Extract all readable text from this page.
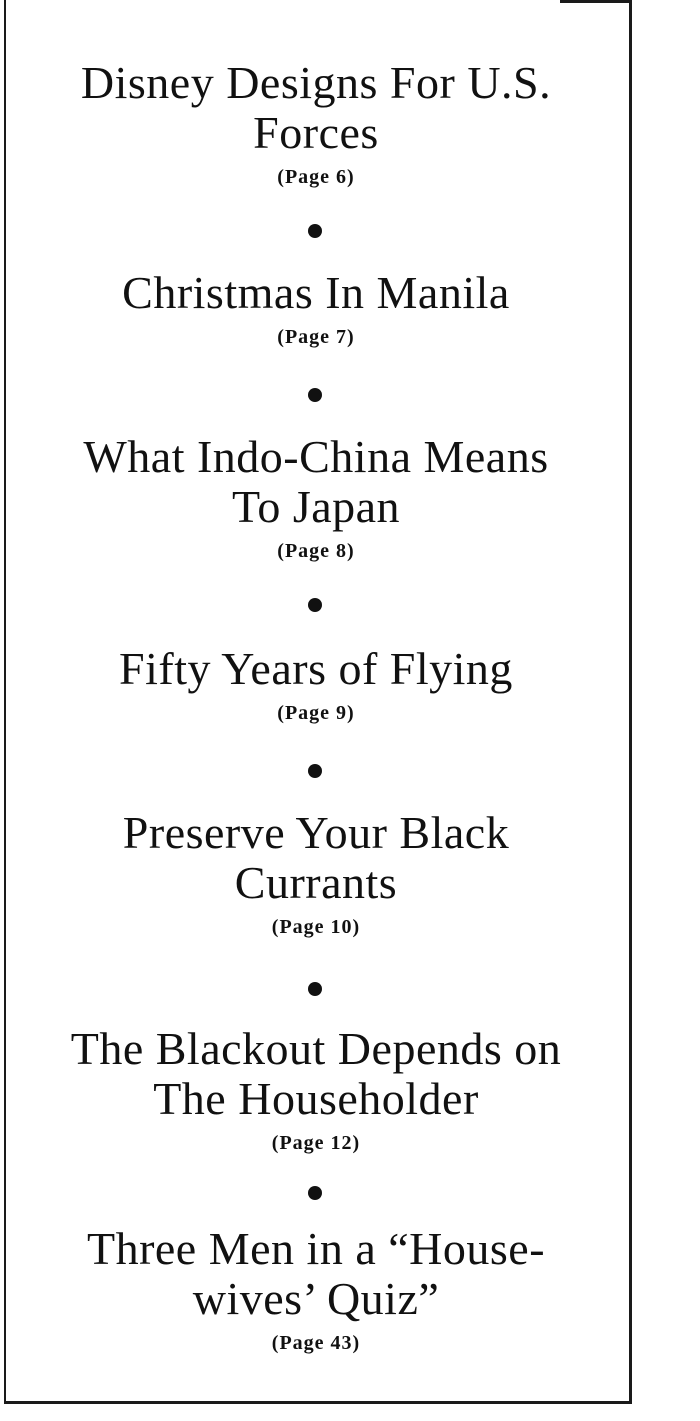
Disney Designs For U.S.
Forces
(Page 6)
Christmas In Manila
(Page 7)
What Indo-China Means
To Japan
(Page 8)
Fifty Years of Flying
(Page 9)
Preserve Your Black
Currants
(Page 10)
The Blackout Depends on
The Householder
(Page 12)
Three Men in a “House-
wives’ Quiz”
(Page 43)
